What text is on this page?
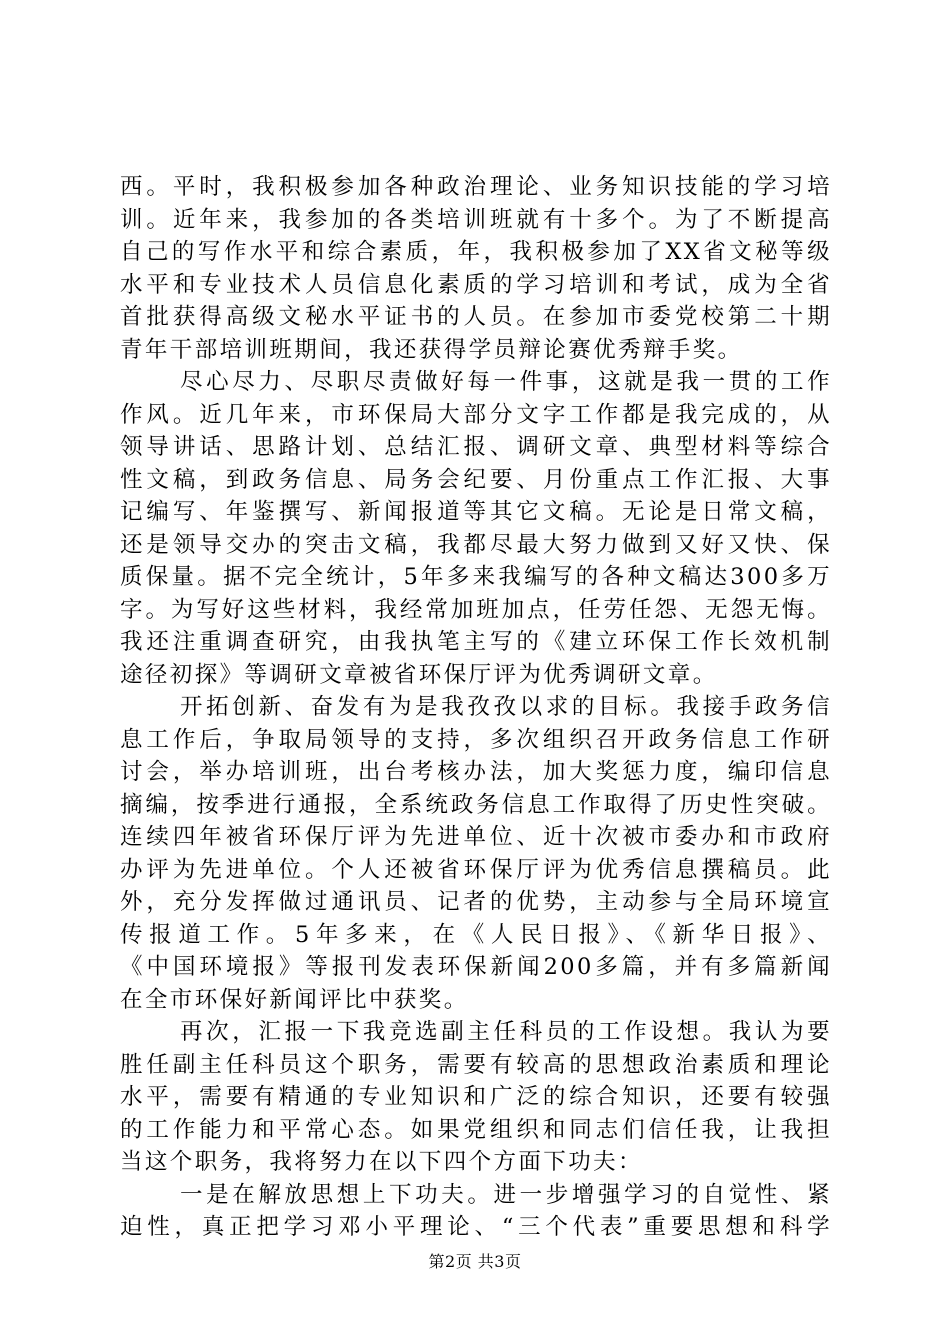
西。平时，我积极参加各种政治理论、业务知识技能的学习培
训。近年来，我参加的各类培训班就有十多个。为了不断提高
自己的写作水平和综合素质，年，我积极参加了XX省文秘等级
水平和专业技术人员信息化素质的学习培训和考试，成为全省
首批获得高级文秘水平证书的人员。在参加市委党校第二十期
青年干部培训班期间，我还获得学员辩论赛优秀辩手奖。
尽心尽力、尽职尽责做好每一件事，这就是我一贯的工作
作风。近几年来，市环保局大部分文字工作都是我完成的，从
领导讲话、思路计划、总结汇报、调研文章、典型材料等综合
性文稿，到政务信息、局务会纪要、月份重点工作汇报、大事
记编写、年鉴撰写、新闻报道等其它文稿。无论是日常文稿，
还是领导交办的突击文稿，我都尽最大努力做到又好又快、保
质保量。据不完全统计，5年多来我编写的各种文稿达300多万
字。为写好这些材料，我经常加班加点，任劳任怨、无怨无悔。
我还注重调查研究，由我执笔主写的《建立环保工作长效机制
途径初探》等调研文章被省环保厅评为优秀调研文章。
开拓创新、奋发有为是我孜孜以求的目标。我接手政务信
息工作后，争取局领导的支持，多次组织召开政务信息工作研
讨会，举办培训班，出台考核办法，加大奖惩力度，编印信息
摘编，按季进行通报，全系统政务信息工作取得了历史性突破。
连续四年被省环保厅评为先进单位、近十次被市委办和市政府
办评为先进单位。个人还被省环保厅评为优秀信息撰稿员。此
外，充分发挥做过通讯员、记者的优势，主动参与全局环境宣
传报道工作。5年多来，在《人民日报》、《新华日报》、
《中国环境报》等报刊发表环保新闻200多篇，并有多篇新闻
在全市环保好新闻评比中获奖。
再次，汇报一下我竞选副主任科员的工作设想。我认为要
胜任副主任科员这个职务，需要有较高的思想政治素质和理论
水平，需要有精通的专业知识和广泛的综合知识，还要有较强
的工作能力和平常心态。如果党组织和同志们信任我，让我担
当这个职务，我将努力在以下四个方面下功夫：
一是在解放思想上下功夫。进一步增强学习的自觉性、紧
迫性，真正把学习邓小平理论、“三个代表”重要思想和科学
第2页 共3页
